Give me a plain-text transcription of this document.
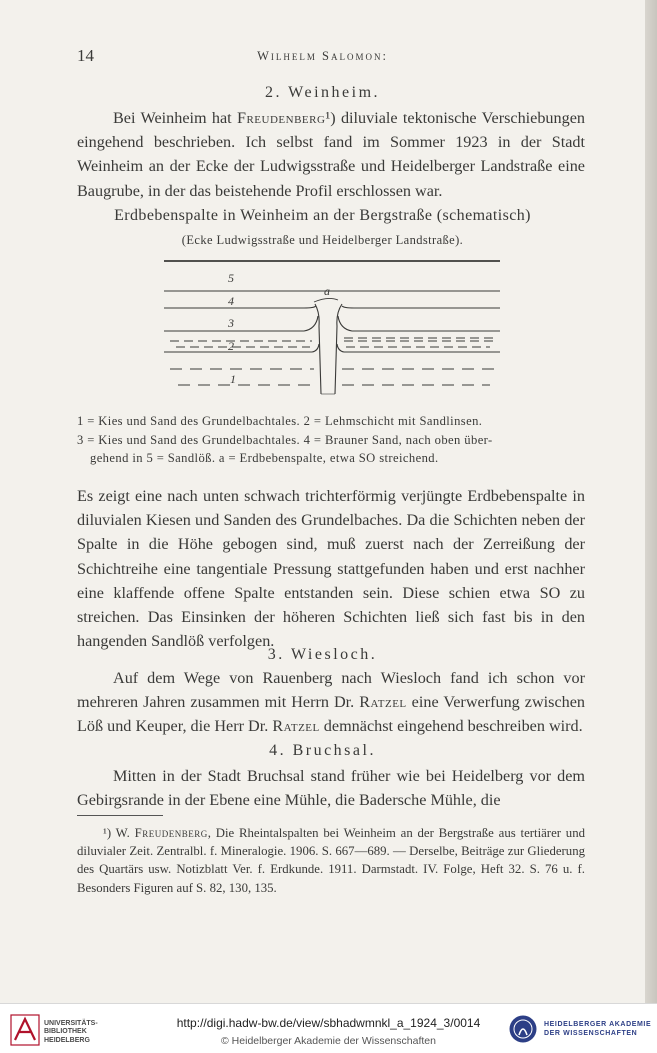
14	Wilhelm Salomon:
2. Weinheim.
Bei Weinheim hat Freudenberg¹) diluviale tektonische Verschiebungen eingehend beschrieben. Ich selbst fand im Sommer 1923 in der Stadt Weinheim an der Ecke der Ludwigsstraße und Heidelberger Landstraße eine Baugrube, in der das beistehende Profil erschlossen war.
Erdbebenspalte in Weinheim an der Bergstraße (schematisch)
(Ecke Ludwigsstraße und Heidelberger Landstraße).
5
4
3
2
1
a
1 = Kies und Sand des Grundelbachtales. 2 = Lehmschicht mit Sandlinsen.
3 = Kies und Sand des Grundelbachtales. 4 = Brauner Sand, nach oben über-
gehend in 5 = Sandlöß. a = Erdbebenspalte, etwa SO streichend.
Es zeigt eine nach unten schwach trichterförmig verjüngte Erdbebenspalte in diluvialen Kiesen und Sanden des Grundelbaches. Da die Schichten neben der Spalte in die Höhe gebogen sind, muß zuerst nach der Zerreißung der Schichtreihe eine tangentiale Pressung stattgefunden haben und erst nachher eine klaffende offene Spalte entstanden sein. Diese schien etwa SO zu streichen. Das Einsinken der höheren Schichten ließ sich fast bis in den hangenden Sandlöß verfolgen.
3. Wiesloch.
Auf dem Wege von Rauenberg nach Wiesloch fand ich schon vor mehreren Jahren zusammen mit Herrn Dr. Ratzel eine Verwerfung zwischen Löß und Keuper, die Herr Dr. Ratzel demnächst eingehend beschreiben wird.
4. Bruchsal.
Mitten in der Stadt Bruchsal stand früher wie bei Heidelberg vor dem Gebirgsrande in der Ebene eine Mühle, die Badersche Mühle, die
¹) W. Freudenberg, Die Rheintalspalten bei Weinheim an der Bergstraße aus tertiärer und diluvialer Zeit. Zentralbl. f. Mineralogie. 1906. S. 667—689. — Derselbe, Beiträge zur Gliederung des Quartärs usw. Notizblatt Ver. f. Erdkunde. 1911. Darmstadt. IV. Folge, Heft 32. S. 76 u. f. Besonders Figuren auf S. 82, 130, 135.
UNIVERSITÄTS-
BIBLIOTHEK
HEIDELBERG
http://digi.hadw-bw.de/view/sbhadwmnkl_a_1924_3/0014
© Heidelberger Akademie der Wissenschaften
HEIDELBERGER AKADEMIE
DER WISSENSCHAFTEN
